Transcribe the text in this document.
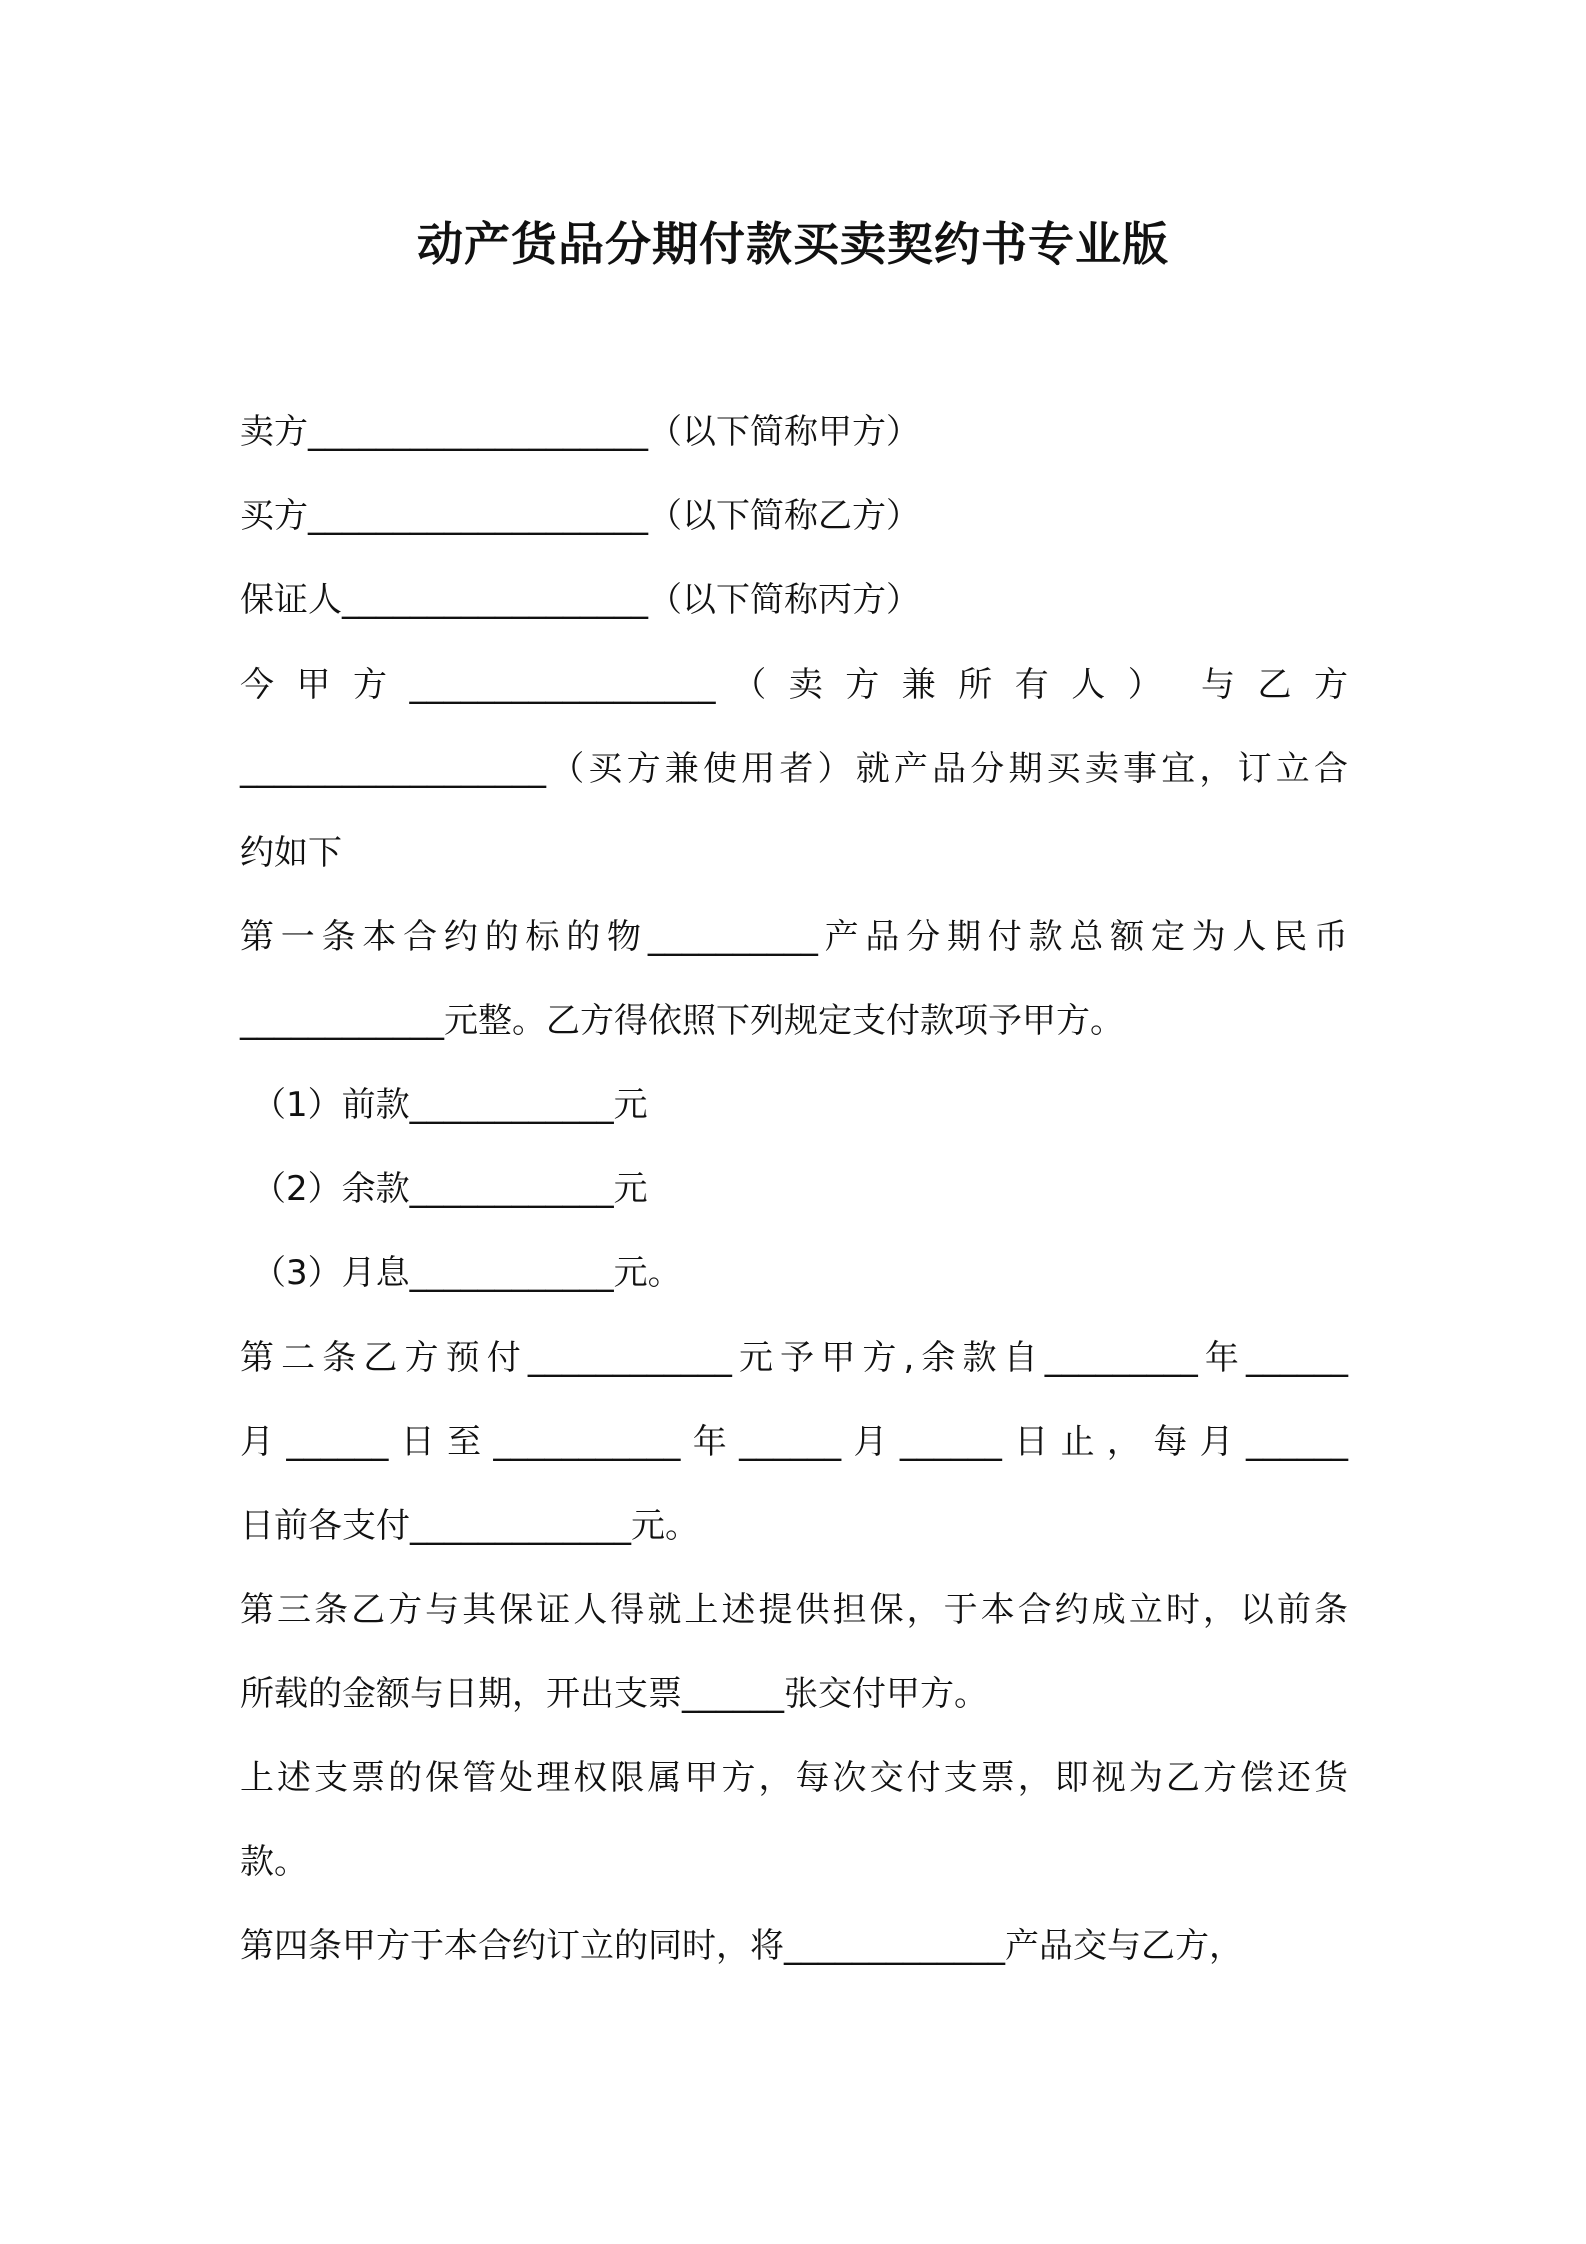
动产货品分期付款买卖契约书专业版
卖方____________________（以下简称甲方）
买方____________________（以下简称乙方）
保证人__________________（以下简称丙方）
今 甲 方 __________________ （ 卖 方 兼 所 有 人 ）  与 乙 方
__________________（买方兼使用者）就产品分期买卖事宜，订立合
约如下
第一条本合约的标的物__________产品分期付款总额定为人民币
____________元整。乙方得依照下列规定支付款项予甲方。
（1）前款____________元
（2）余款____________元
（3）月息____________元。
第二条乙方预付____________元予甲方,余款自_________年______
月______日至___________年______月______日止，每月______
日前各支付_____________元。
第三条乙方与其保证人得就上述提供担保，于本合约成立时，以前条
所载的金额与日期，开出支票______张交付甲方。
上述支票的保管处理权限属甲方，每次交付支票，即视为乙方偿还货
款。
第四条甲方于本合约订立的同时，将_____________产品交与乙方，
